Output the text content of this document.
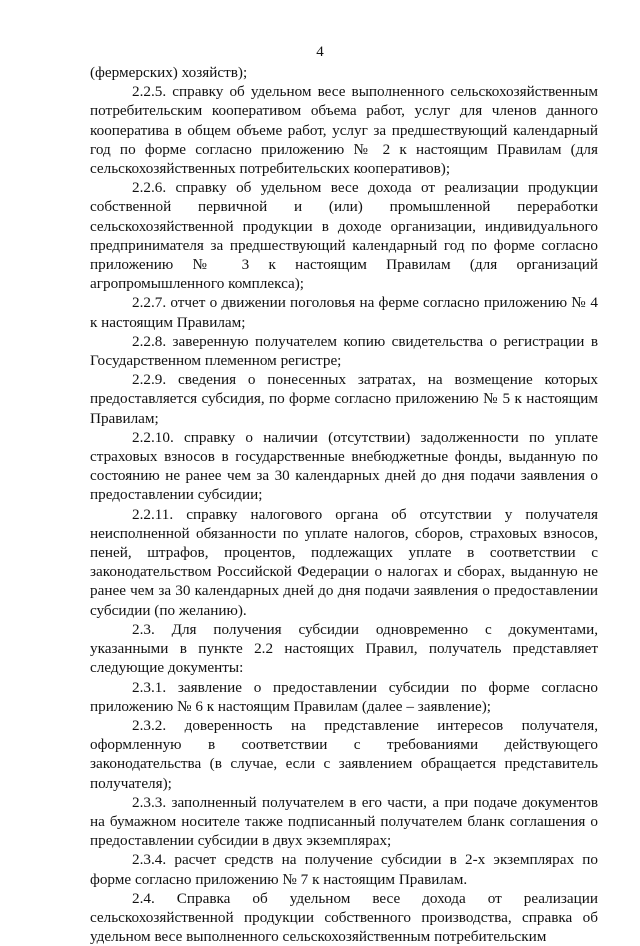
4

(фермерских) хозяйств);

2.2.5. справку об удельном весе выполненного сельскохозяйственным потребительским кооперативом объема работ, услуг для членов данного кооператива в общем объеме работ, услуг за предшествующий календарный год по форме согласно приложению № 2 к настоящим Правилам (для сельскохозяйственных потребительских кооперативов);

2.2.6. справку об удельном весе дохода от реализации продукции собственной первичной и (или) промышленной переработки сельскохозяйственной продукции в доходе организации, индивидуального предпринимателя за предшествующий календарный год по форме согласно приложению № 3 к настоящим Правилам (для организаций агропромышленного комплекса);

2.2.7. отчет о движении поголовья на ферме согласно приложению № 4 к настоящим Правилам;

2.2.8. заверенную получателем копию свидетельства о регистрации в Государственном племенном регистре;

2.2.9. сведения о понесенных затратах, на возмещение которых предоставляется субсидия, по форме согласно приложению № 5 к настоящим Правилам;

2.2.10. справку о наличии (отсутствии) задолженности по уплате страховых взносов в государственные внебюджетные фонды, выданную по состоянию не ранее чем за 30 календарных дней до дня подачи заявления о предоставлении субсидии;

2.2.11. справку налогового органа об отсутствии у получателя неисполненной обязанности по уплате налогов, сборов, страховых взносов, пеней, штрафов, процентов, подлежащих уплате в соответствии с законодательством Российской Федерации о налогах и сборах, выданную не ранее чем за 30 календарных дней до дня подачи заявления о предоставлении субсидии (по желанию).

2.3. Для получения субсидии одновременно с документами, указанными в пункте 2.2 настоящих Правил, получатель представляет следующие документы:

2.3.1. заявление о предоставлении субсидии по форме согласно приложению № 6 к настоящим Правилам (далее – заявление);

2.3.2. доверенность на представление интересов получателя, оформленную в соответствии с требованиями действующего законодательства (в случае, если с заявлением обращается представитель получателя);

2.3.3. заполненный получателем в его части, а при подаче документов на бумажном носителе также подписанный получателем бланк соглашения о предоставлении субсидии в двух экземплярах;

2.3.4. расчет средств на получение субсидии в 2-х экземплярах по форме согласно приложению № 7 к настоящим Правилам.

2.4. Справка об удельном весе дохода от реализации сельскохозяйственной продукции собственного производства, справка об удельном весе выполненного сельскохозяйственным потребительским
